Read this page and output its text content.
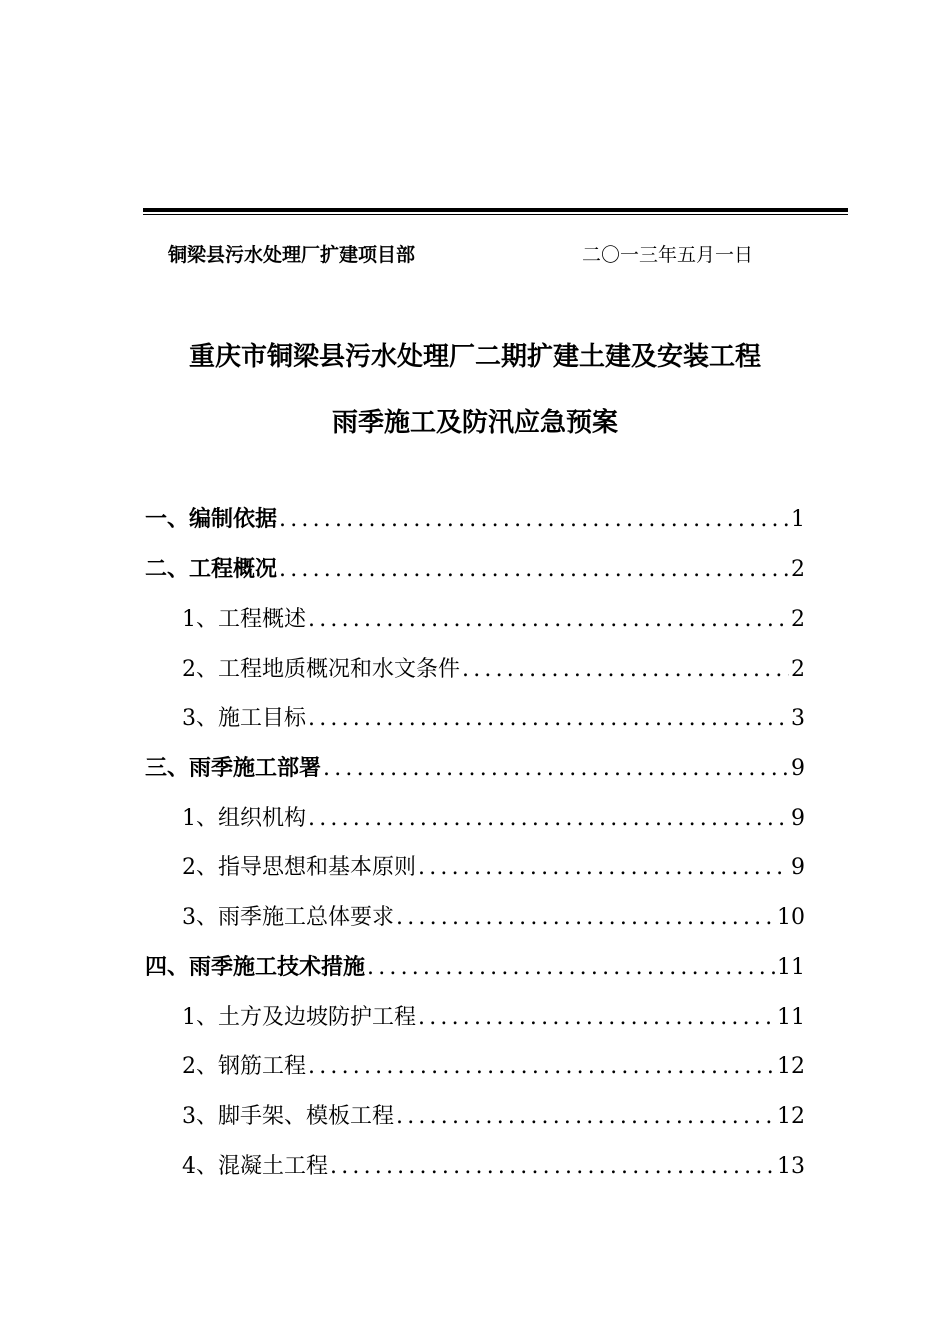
铜梁县污水处理厂扩建项目部	二〇一三年五月一日
重庆市铜梁县污水处理厂二期扩建土建及安装工程
雨季施工及防汛应急预案
一、编制依据 .....	1
二、工程概况 .....	2
1、工程概述 .....	2
2、工程地质概况和水文条件 .....	2
3、施工目标 .....	3
三、雨季施工部署 .....	9
1、组织机构 .....	9
2、指导思想和基本原则 .....	9
3、雨季施工总体要求 .....	10
四、雨季施工技术措施 .....	11
1、土方及边坡防护工程 .....	11
2、钢筋工程 .....	12
3、脚手架、模板工程 .....	12
4、混凝土工程 .....	13
